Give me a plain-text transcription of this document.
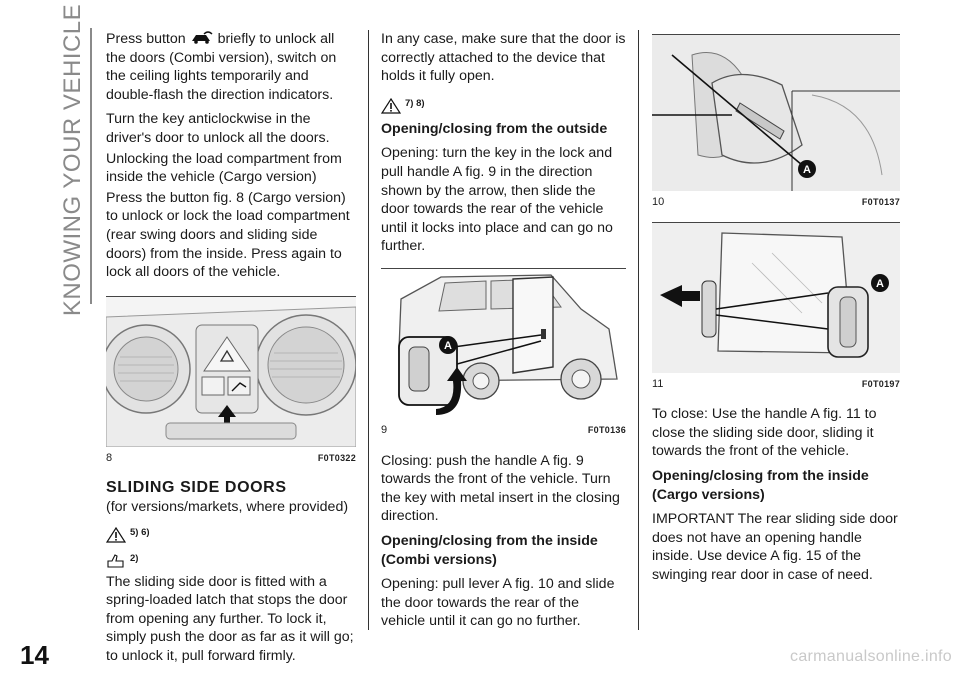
KNOWING YOUR VEHICLE
14	carmanualsonline.info

Press button  briefly to unlock all the doors (Combi version), switch on the ceiling lights temporarily and double-flash the direction indicators.

Turn the key anticlockwise in the driver's door to unlock all the doors.

Unlocking the load compartment from inside the vehicle (Cargo version)

Press the button fig. 8 (Cargo version) to unlock or lock the load compartment (rear swing doors and sliding side doors) from the inside. Press again to lock all doors of the vehicle.

8	F0T0322
SLIDING SIDE DOORS

(for versions/markets, where provided)

5) 6)
2)

The sliding side door is fitted with a spring-loaded latch that stops the door from opening any further. To lock it, simply push the door as far as it will go; to unlock it, pull forward firmly.

In any case, make sure that the door is correctly attached to the device that holds it fully open.

7) 8)
Opening/closing from the outside

Opening: turn the key in the lock and pull handle A fig. 9 in the direction shown by the arrow, then slide the door towards the rear of the vehicle until it locks into place and can go no further.

A
9	F0T0136

Closing: push the handle A fig. 9 towards the front of the vehicle. Turn the key with metal insert in the closing direction.

Opening/closing from the inside (Combi versions)

Opening: pull lever A fig. 10 and slide the door towards the rear of the vehicle until it can go no further.

A
10	F0T0137
A
11	F0T0197

To close: Use the handle A fig. 11 to close the sliding side door, sliding it towards the front of the vehicle.

Opening/closing from the inside (Cargo versions)

IMPORTANT The rear sliding side door does not have an opening handle inside. Use device A fig. 15 of the swinging rear door in case of need.
